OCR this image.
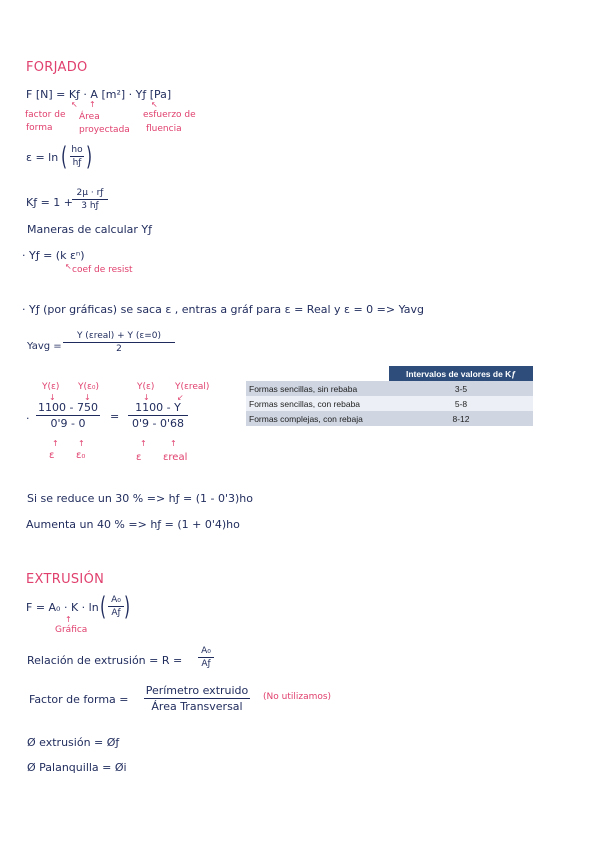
FORJADO
F [N] = Kƒ · A [m²] · Yƒ [Pa]
↖ ↑	↖
factor de
forma
Área
proyectada
esfuerzo de
fluencia
ε = ln ( ho
hƒ )
Kƒ = 1 +
2μ · rƒ
3 hƒ
Maneras de calcular Yƒ
· Yƒ = (k εⁿ)
↖ coef de resist
· Yƒ (por gráficas) se saca ε , entras a gráf para ε = Real y ε = 0 => Yavg
Yavg =
Y (εreal) + Y (ε=0)
2
Y(ε) Y(ε₀)	Y(ε) Y(εreal)
↓	↓	↓	↙
·
1100 - 750
0'9 - 0
=
1100 - Y
0'9 - 0'68
↑ ↑	↑	↑
ε ε₀	ε εreal
Si se reduce un 30 % => hƒ = (1 - 0'3)ho
Aumenta un 40 % => hƒ = (1 + 0'4)ho
	Intervalos de valores de Kƒ
Formas sencillas, sin rebaba	3-5
Formas sencillas, con rebaba	5-8
Formas complejas, con rebaja	8-12
EXTRUSIÓN
F = A₀ · K · ln ( A₀
Aƒ )
↑
Gráfica
Relación de extrusión = R =
A₀
Aƒ
Factor de forma =
Perímetro extruido
Área Transversal
(No utilizamos)
Ø extrusión = Øƒ
Ø Palanquilla = Øi
